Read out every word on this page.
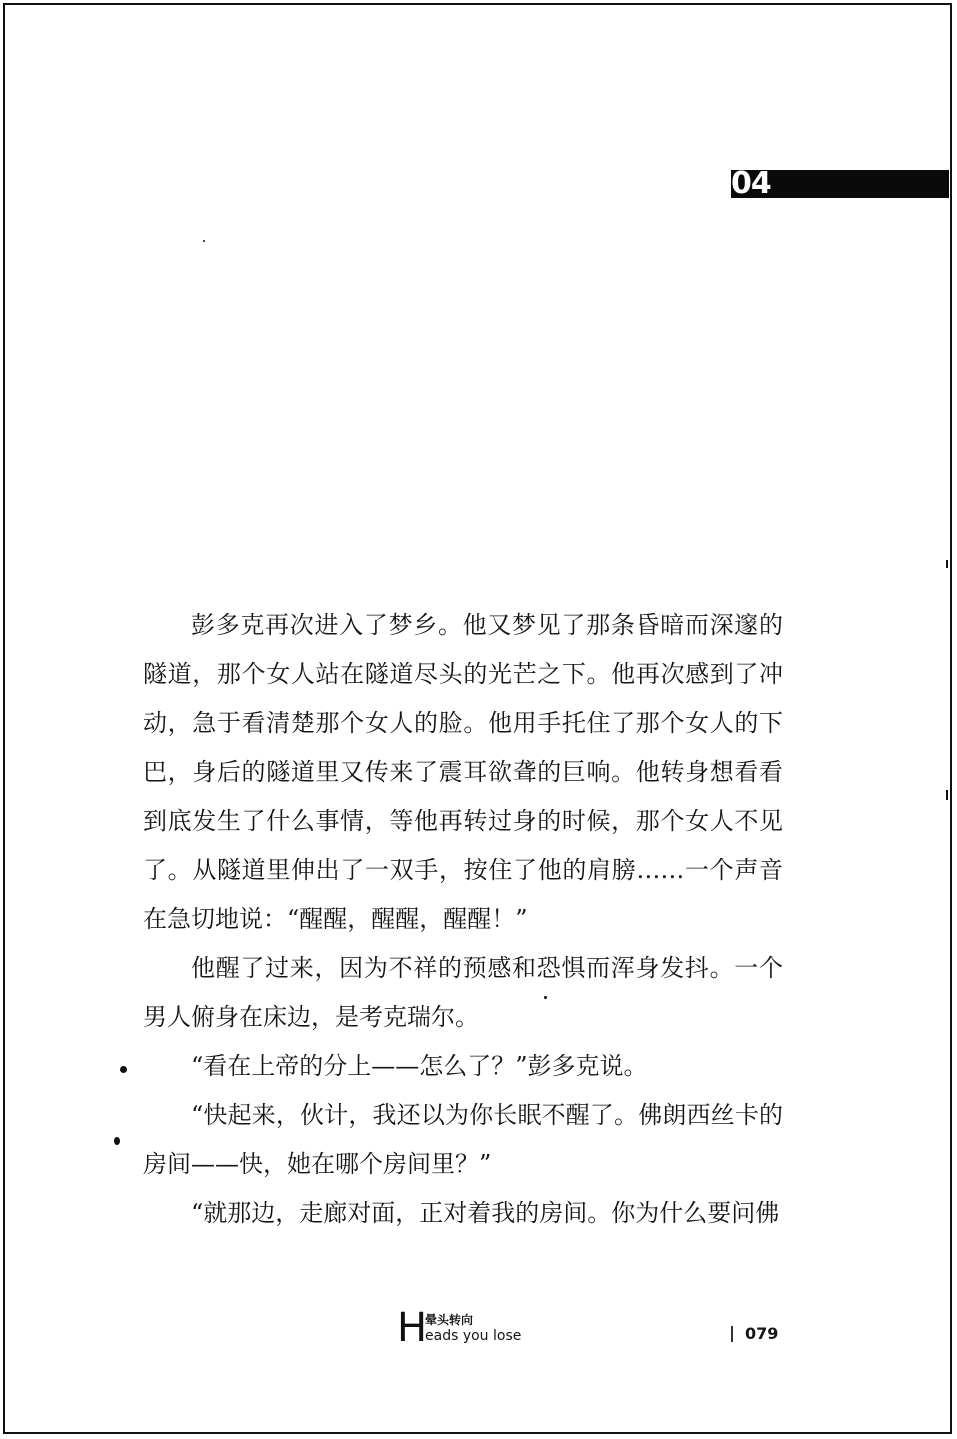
04

彭多克再次进入了梦乡。他又梦见了那条昏暗而深邃的隧道，那个女人站在隧道尽头的光芒之下。他再次感到了冲动，急于看清楚那个女人的脸。他用手托住了那个女人的下巴，身后的隧道里又传来了震耳欲聋的巨响。他转身想看看到底发生了什么事情，等他再转过身的时候，那个女人不见了。从隧道里伸出了一双手，按住了他的肩膀……一个声音在急切地说：“醒醒，醒醒，醒醒！”

他醒了过来，因为不祥的预感和恐惧而浑身发抖。一个男人俯身在床边，是考克瑞尔。

“看在上帝的分上——怎么了？”彭多克说。

“快起来，伙计，我还以为你长眠不醒了。佛朗西丝卡的房间——快，她在哪个房间里？”

“就那边，走廊对面，正对着我的房间。你为什么要问佛

H
晕头转向
eads you lose	079
